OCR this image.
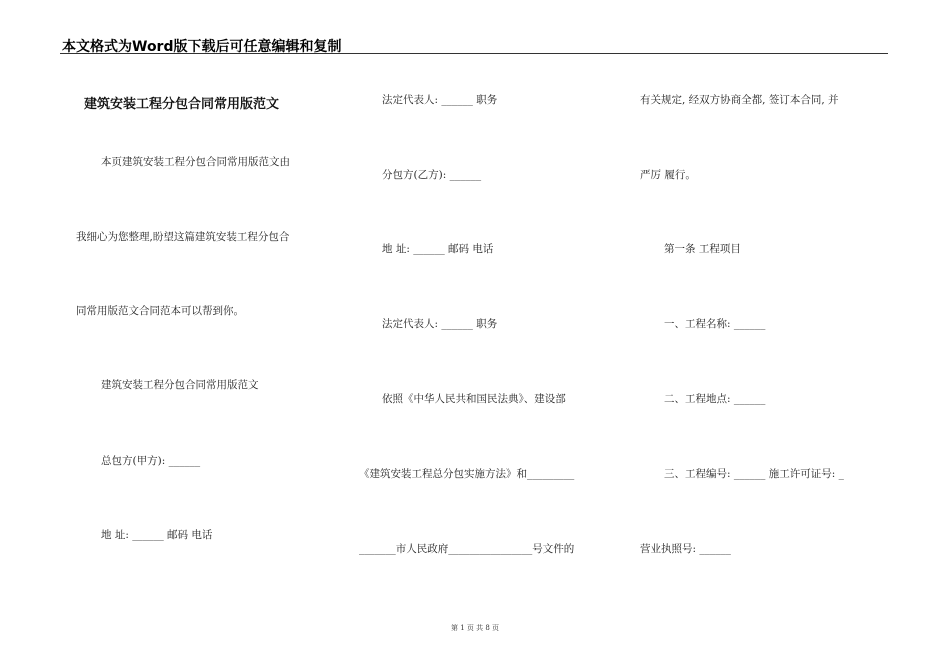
本文格式为Word版下载后可任意编辑和复制
建筑安装工程分包合同常用版范文
本页建筑安装工程分包合同常用版范文由
我细心为您整理,盼望这篇建筑安装工程分包合
同常用版范文合同范本可以帮到你。
建筑安装工程分包合同常用版范文
总包方(甲方): ______
地 址: ______ 邮码 电话
法定代表人: ______ 职务
分包方(乙方): ______
地 址: ______ 邮码 电话
法定代表人: ______ 职务
依照《中华人民共和国民法典》、建设部
《建筑安装工程总分包实施方法》和_________
_______市人民政府________________号文件的
有关规定, 经双方协商全都, 签订本合同, 并
严厉 履行。
第一条 工程项目
一、工程名称: ______
二、工程地点: ______
三、工程编号: ______ 施工许可证号: _
营业执照号: ______
第 1 页 共 8 页
